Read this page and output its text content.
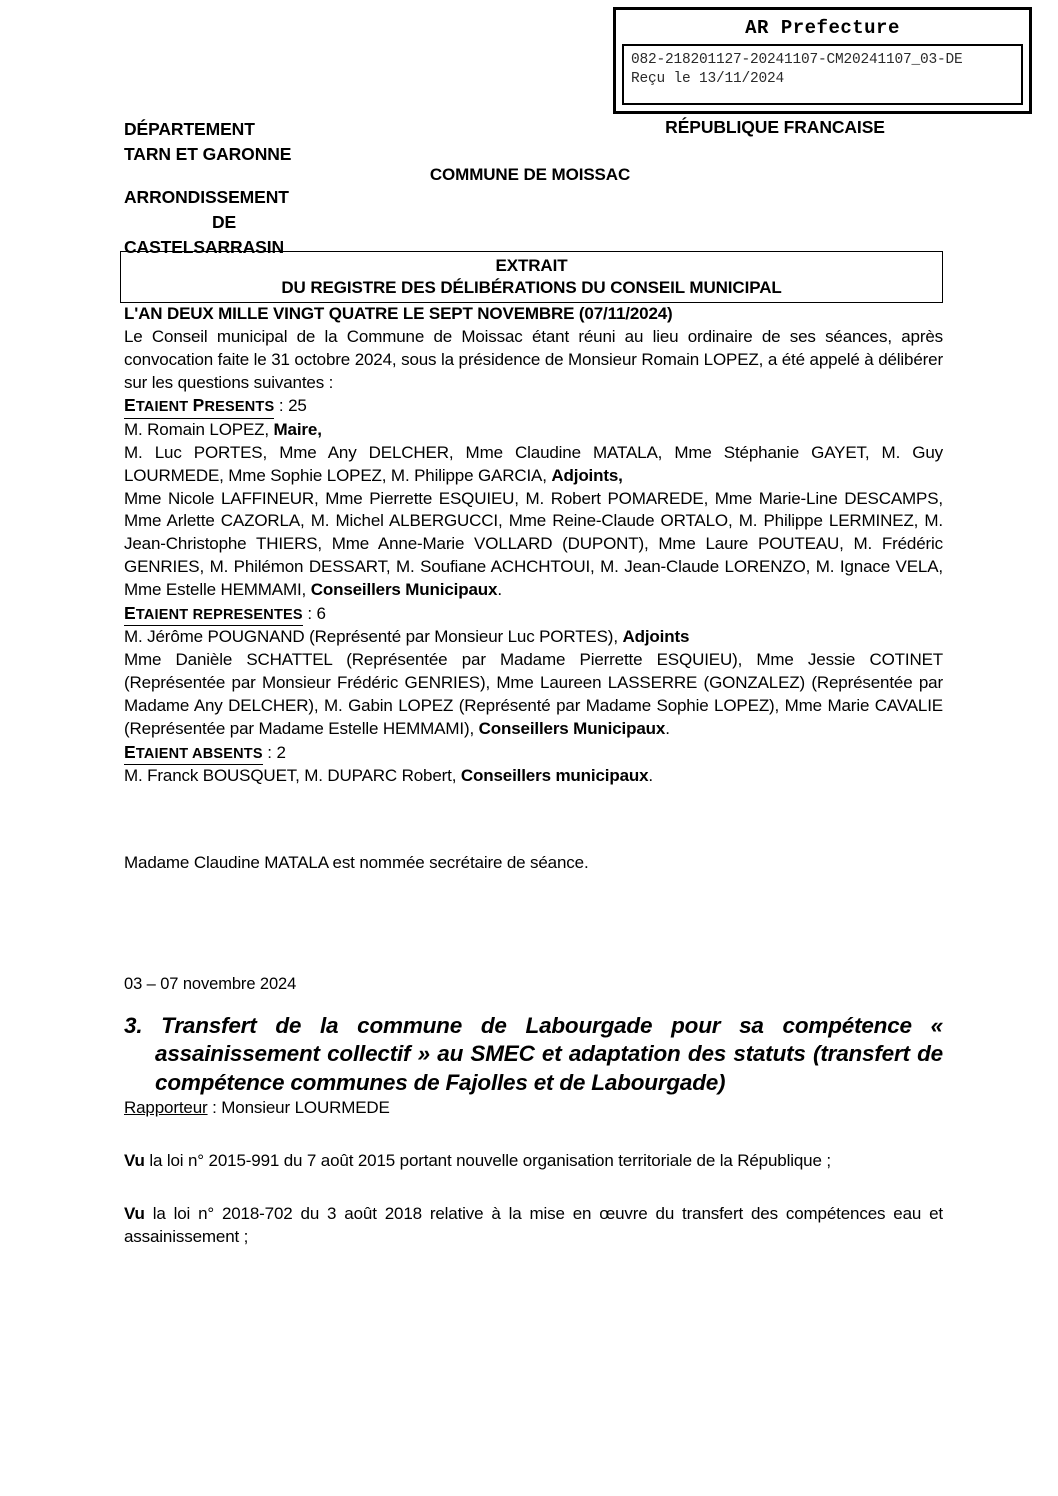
AR Prefecture
082-218201127-20241107-CM20241107_03-DE
Reçu le 13/11/2024
DÉPARTEMENT
TARN ET GARONNE
ARRONDISSEMENT
DE
CASTELSARRASIN
RÉPUBLIQUE FRANCAISE
COMMUNE DE MOISSAC
EXTRAIT
DU REGISTRE DES DÉLIBÉRATIONS DU CONSEIL MUNICIPAL

L'AN DEUX MILLE VINGT QUATRE LE SEPT NOVEMBRE (07/11/2024)

Le Conseil municipal de la Commune de Moissac étant réuni au lieu ordinaire de ses séances, après convocation faite le 31 octobre 2024, sous la présidence de Monsieur Romain LOPEZ, a été appelé à délibérer sur les questions suivantes :

ETAIENT PRESENTS : 25

M. Romain LOPEZ, Maire,

M. Luc PORTES, Mme Any DELCHER, Mme Claudine MATALA, Mme Stéphanie GAYET, M. Guy LOURMEDE, Mme Sophie LOPEZ, M. Philippe GARCIA, Adjoints,

Mme Nicole LAFFINEUR, Mme Pierrette ESQUIEU, M. Robert POMAREDE, Mme Marie-Line DESCAMPS, Mme Arlette CAZORLA, M. Michel ALBERGUCCI, Mme Reine-Claude ORTALO, M. Philippe LERMINEZ, M. Jean-Christophe THIERS, Mme Anne-Marie VOLLARD (DUPONT), Mme Laure POUTEAU, M. Frédéric GENRIES, M. Philémon DESSART, M. Soufiane ACHCHTOUI, M. Jean-Claude LORENZO, M. Ignace VELA, Mme Estelle HEMMAMI, Conseillers Municipaux.

ETAIENT REPRESENTES : 6

M. Jérôme POUGNAND (Représenté par Monsieur Luc PORTES), Adjoints

Mme Danièle SCHATTEL (Représentée par Madame Pierrette ESQUIEU), Mme Jessie COTINET (Représentée par Monsieur Frédéric GENRIES), Mme Laureen LASSERRE (GONZALEZ) (Représentée par Madame Any DELCHER), M. Gabin LOPEZ (Représenté par Madame Sophie LOPEZ), Mme Marie CAVALIE (Représentée par Madame Estelle HEMMAMI), Conseillers Municipaux.

ETAIENT ABSENTS : 2

M. Franck BOUSQUET, M. DUPARC Robert, Conseillers municipaux.

Madame Claudine MATALA est nommée secrétaire de séance.

03 – 07 novembre 2024

3. Transfert de la commune de Labourgade pour sa compétence « assainissement collectif » au SMEC et adaptation des statuts (transfert de compétence communes de Fajolles et de Labourgade)

Rapporteur : Monsieur LOURMEDE

Vu la loi n° 2015-991 du 7 août 2015 portant nouvelle organisation territoriale de la République ;

Vu la loi n° 2018-702 du 3 août 2018 relative à la mise en œuvre du transfert des compétences eau et assainissement ;
